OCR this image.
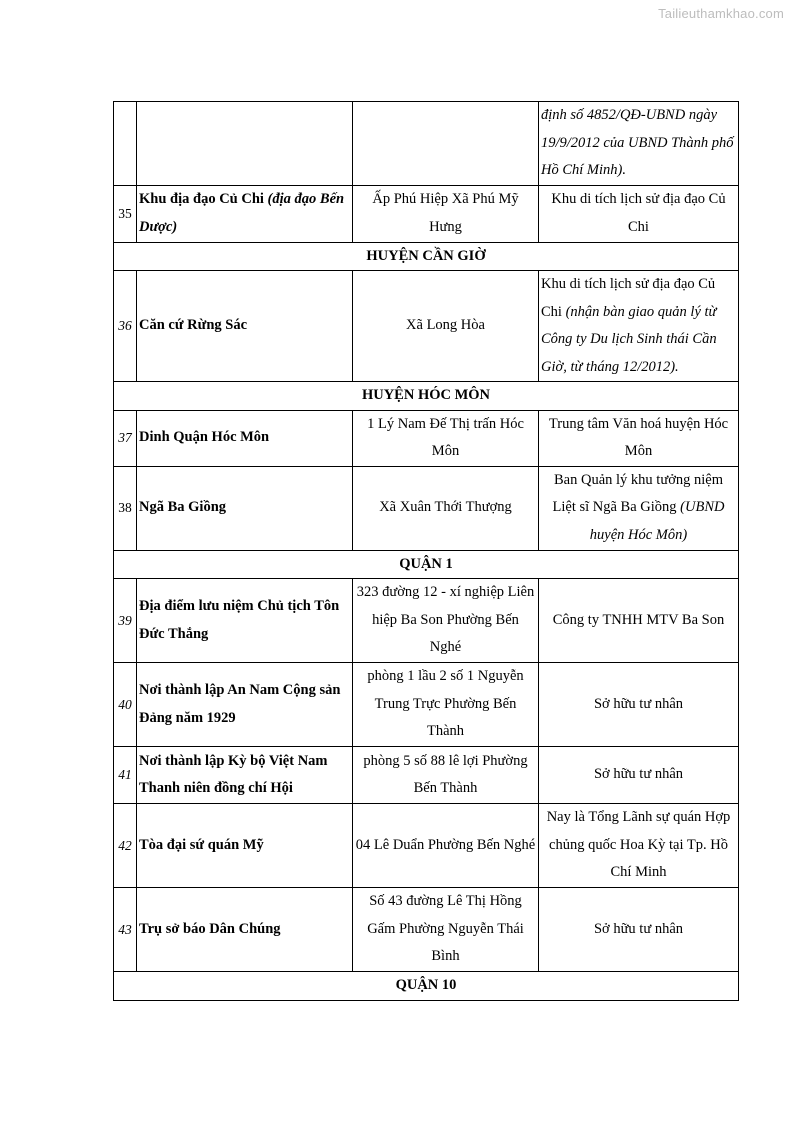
Tailieuthamkhao.com
			định số 4852/QĐ-UBND ngày 19/9/2012 của UBND Thành phố Hồ Chí Minh).
35	Khu địa đạo Củ Chi (địa đạo Bến Dược)	Ấp Phú Hiệp Xã Phú Mỹ Hưng	Khu di tích lịch sử địa đạo Củ Chi
HUYỆN CẦN GIỜ			
36	Căn cứ Rừng Sác	Xã Long Hòa	Khu di tích lịch sử địa đạo Củ Chi (nhận bàn giao quản lý từ Công ty Du lịch Sinh thái Cần Giờ, từ tháng 12/2012).
HUYỆN HÓC MÔN			
37	Dinh Quận Hóc Môn	1 Lý Nam Đế Thị trấn Hóc Môn	Trung tâm Văn hoá huyện Hóc Môn
38	Ngã Ba Giồng	Xã Xuân Thới Thượng	Ban Quản lý khu tưởng niệm Liệt sĩ Ngã Ba Giồng (UBND huyện Hóc Môn)
QUẬN 1			
39	Địa điểm lưu niệm Chủ tịch Tôn Đức Thắng	323 đường 12 - xí nghiệp Liên hiệp Ba Son Phường Bến Nghé	Công ty TNHH MTV Ba Son
40	Nơi thành lập An Nam Cộng sản Đảng năm 1929	phòng 1 lầu 2 số 1 Nguyễn Trung Trực Phường Bến Thành	Sở hữu tư nhân
41	Nơi thành lập Kỳ bộ Việt Nam Thanh niên đồng chí Hội	phòng 5 số 88 lê lợi Phường Bến Thành	Sở hữu tư nhân
42	Tòa đại sứ quán Mỹ	04 Lê Duẩn Phường Bến Nghé	Nay là Tổng Lãnh sự quán Hợp chủng quốc Hoa Kỳ tại Tp. Hồ Chí Minh
43	Trụ sở báo Dân Chúng	Số 43 đường Lê Thị Hồng Gấm Phường Nguyễn Thái Bình	Sở hữu tư nhân
QUẬN 10			
